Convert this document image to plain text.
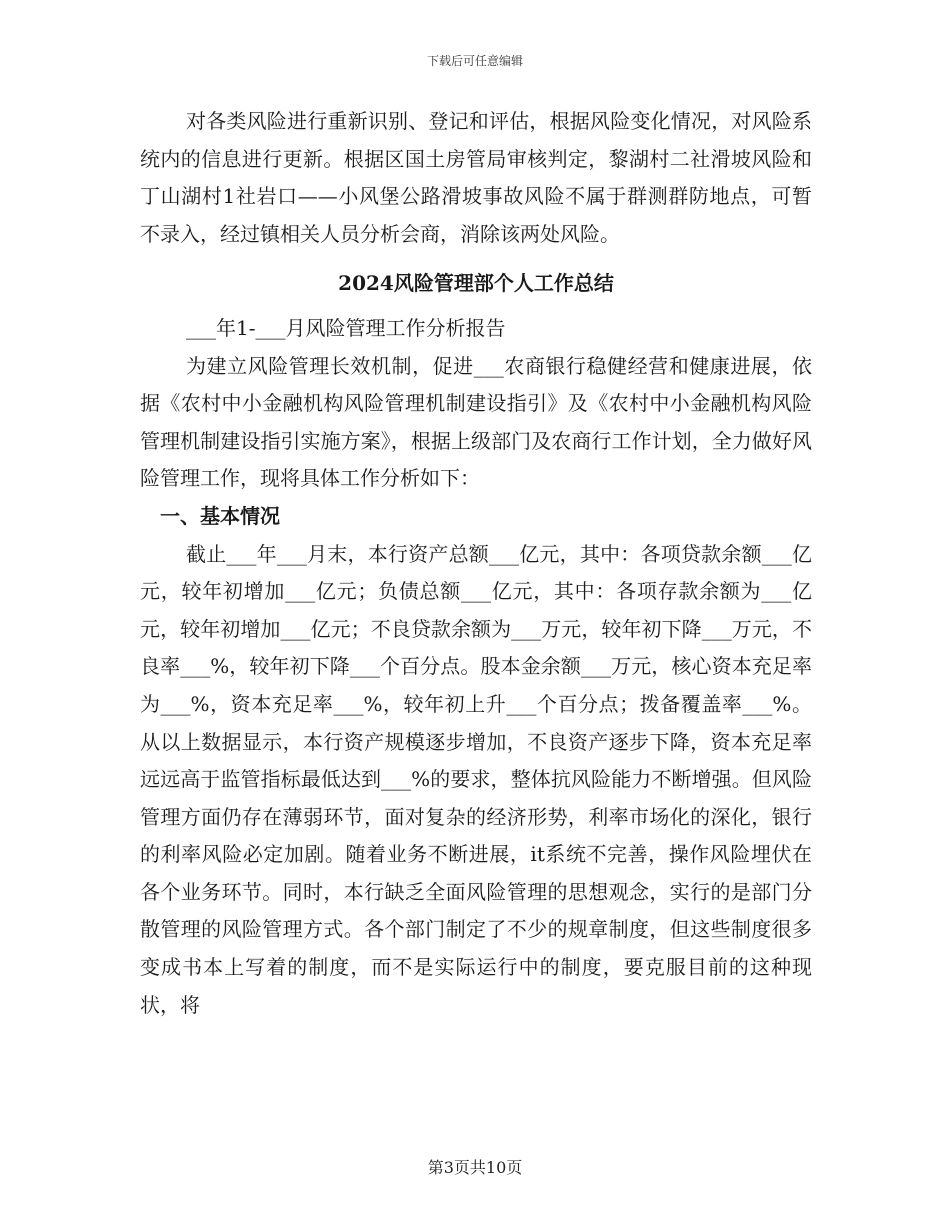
下载后可任意编辑

对各类风险进行重新识别、登记和评估，根据风险变化情况，对风险系统内的信息进行更新。根据区国土房管局审核判定，黎湖村二社滑坡风险和丁山湖村1社岩口——小风堡公路滑坡事故风险不属于群测群防地点，可暂不录入，经过镇相关人员分析会商，消除该两处风险。

2024风险管理部个人工作总结

___年1-___月风险管理工作分析报告

为建立风险管理长效机制，促进___农商银行稳健经营和健康进展，依据《农村中小金融机构风险管理机制建设指引》及《农村中小金融机构风险管理机制建设指引实施方案》，根据上级部门及农商行工作计划，全力做好风险管理工作，现将具体工作分析如下：

一、基本情况

截止___年___月末，本行资产总额___亿元，其中：各项贷款余额___亿元，较年初增加___亿元；负债总额___亿元，其中：各项存款余额为___亿元，较年初增加___亿元；不良贷款余额为___万元，较年初下降___万元，不良率___%，较年初下降___个百分点。股本金余额___万元，核心资本充足率为___%，资本充足率___%，较年初上升___个百分点；拨备覆盖率___%。从以上数据显示，本行资产规模逐步增加，不良资产逐步下降，资本充足率远远高于监管指标最低达到___%的要求，整体抗风险能力不断增强。但风险管理方面仍存在薄弱环节，面对复杂的经济形势，利率市场化的深化，银行的利率风险必定加剧。随着业务不断进展，it系统不完善，操作风险埋伏在各个业务环节。同时，本行缺乏全面风险管理的思想观念，实行的是部门分散管理的风险管理方式。各个部门制定了不少的规章制度，但这些制度很多变成书本上写着的制度，而不是实际运行中的制度，要克服目前的这种现状，将

第3页共10页
